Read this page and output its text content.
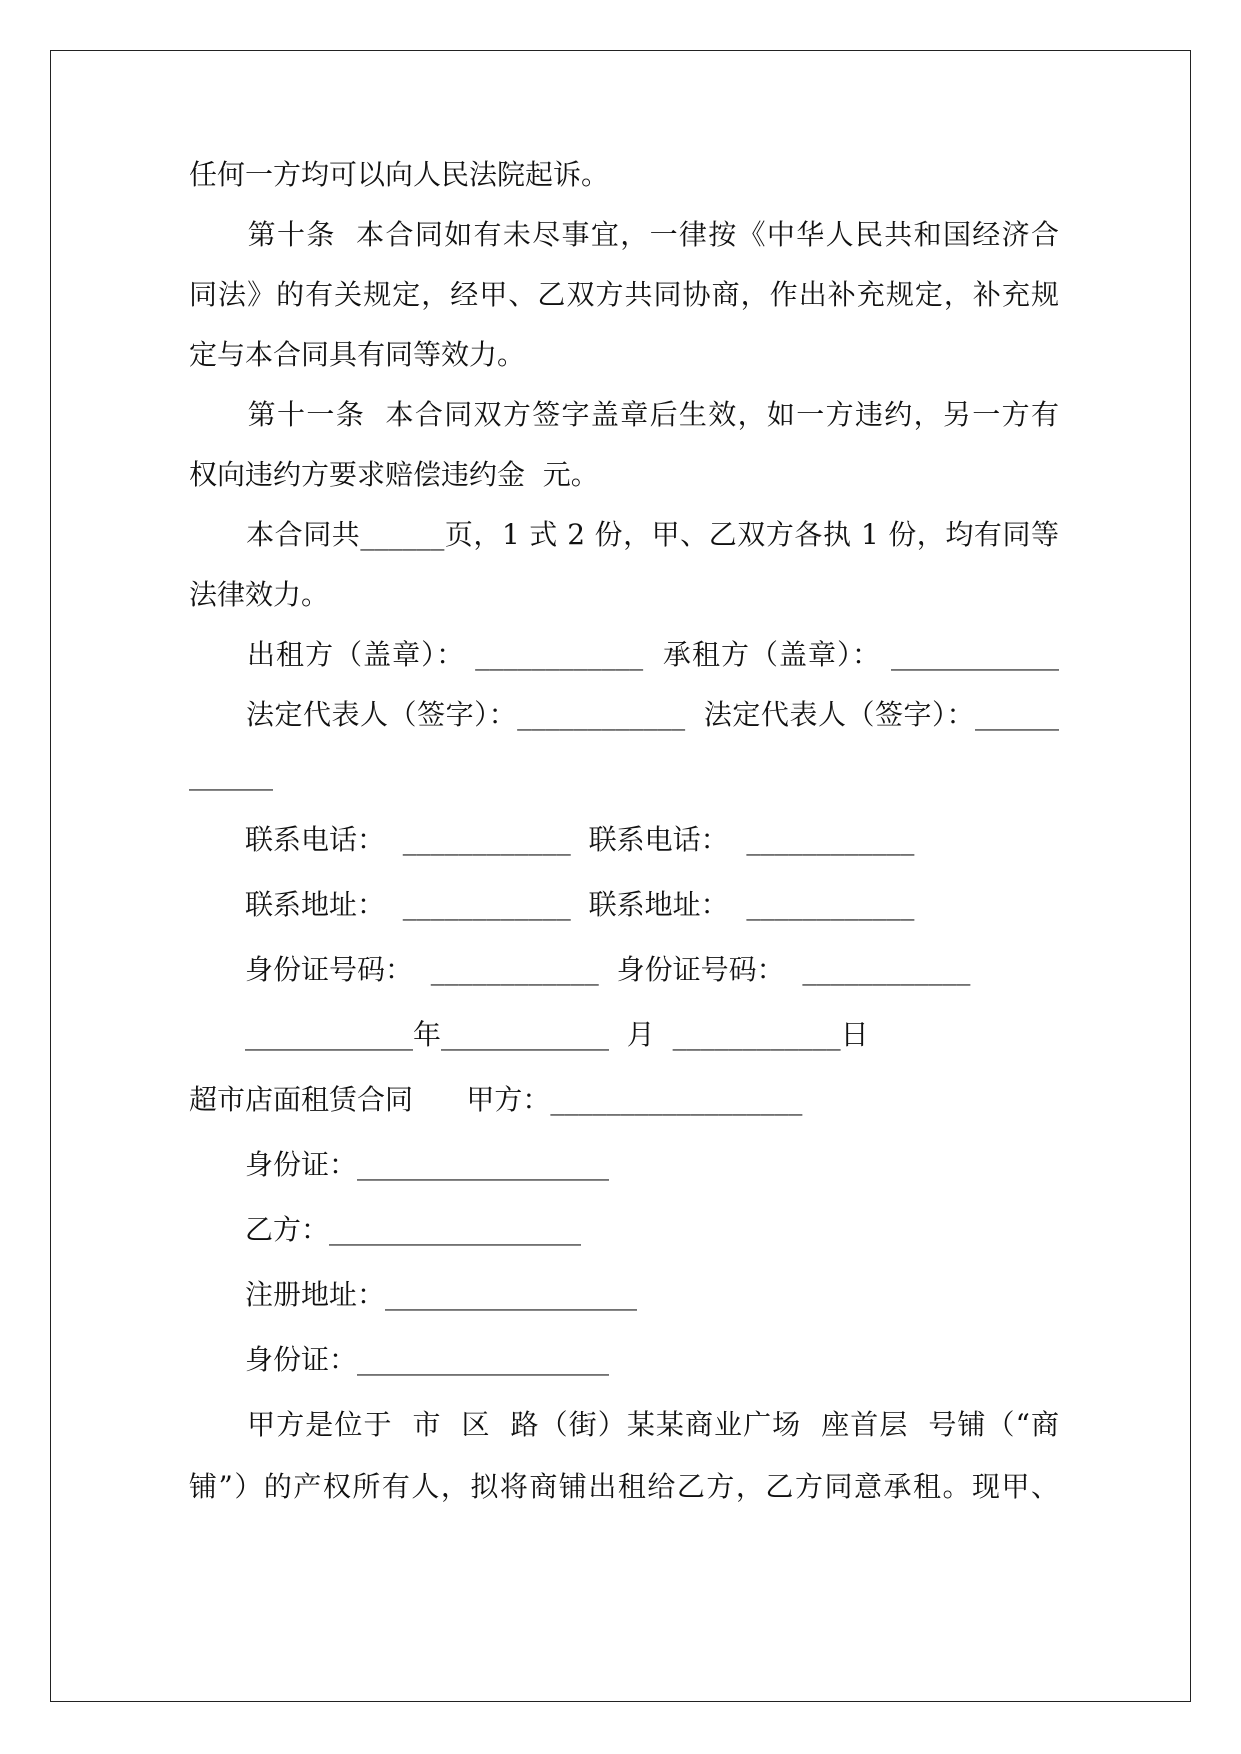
任何一方均可以向人民法院起诉。
　　第十条  本合同如有未尽事宜，一律按《中华人民共和国经济合
同法》的有关规定，经甲、乙双方共同协商，作出补充规定，补充规
定与本合同具有同等效力。
　　第十一条  本合同双方签字盖章后生效，如一方违约，另一方有
权向违约方要求赔偿违约金  元。
　　本合同共______页，1 式 2 份，甲、乙双方各执 1 份，均有同等
法律效力。
　　出租方（盖章）： ____________  承租方（盖章）： ____________
　　法定代表人（签字）：____________  法定代表人（签字）：______
______
　　联系电话：  ____________  联系电话：  ____________
　　联系地址：  ____________  联系地址：  ____________
　　身份证号码：  ____________  身份证号码：  ____________
　　____________年____________  月  ____________日
超市店面租赁合同      甲方：__________________
　　身份证：__________________
　　乙方：__________________
　　注册地址：__________________
　　身份证：__________________
　　甲方是位于  市  区  路（街）某某商业广场  座首层  号铺（“商
铺”）的产权所有人，拟将商铺出租给乙方，乙方同意承租。现甲、
